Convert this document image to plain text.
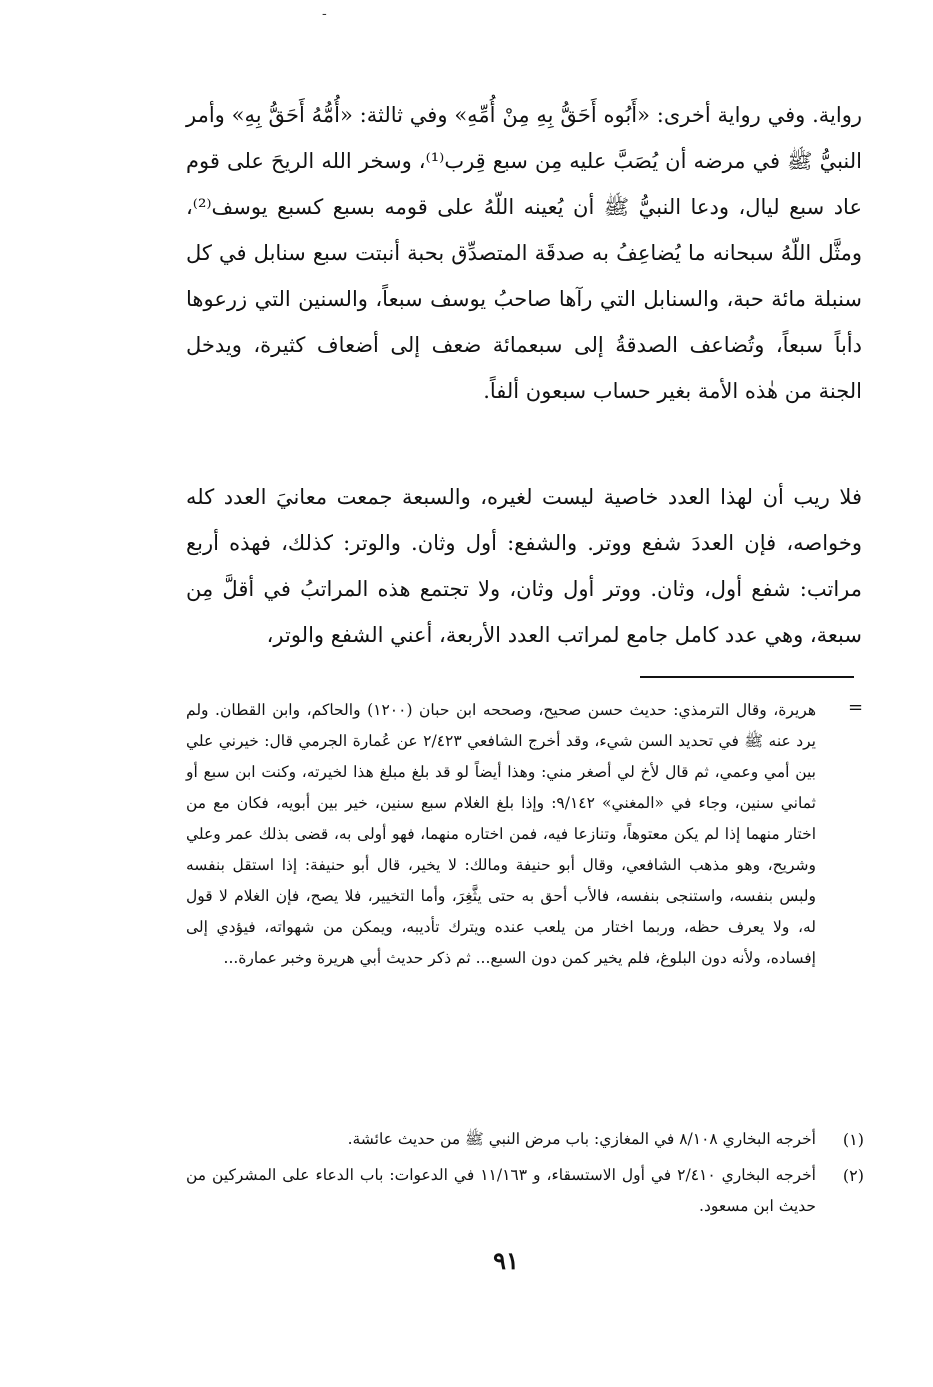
-

رواية. وفي رواية أخرى: «أَبُوه أَحَقُّ بِهِ مِنْ أُمِّهِ» وفي ثالثة: «أُمُّهُ أَحَقُّ بِهِ» وأمر النبيُّ ﷺ في مرضه أن يُصَبَّ عليه مِن سبع قِرب⁽¹⁾، وسخر الله الريحَ على قوم عاد سبع ليال، ودعا النبيُّ ﷺ أن يُعينه اللّهُ على قومه بسبع كسبع يوسف⁽²⁾، ومثَّل اللّهُ سبحانه ما يُضاعِفُ به صدقَة المتصدِّق بحبة أنبتت سبع سنابل في كل سنبلة مائة حبة، والسنابل التي رآها صاحبُ يوسف سبعاً، والسنين التي زرعوها دأباً سبعاً، وتُضاعف الصدقةُ إلى سبعمائة ضعف إلى أضعاف كثيرة، ويدخل الجنة من هٰذه الأمة بغير حساب سبعون ألفاً.

فلا ريب أن لهذا العدد خاصية ليست لغيره، والسبعة جمعت معانيَ العدد كله وخواصه، فإن العددَ شفع ووتر. والشفع: أول وثان. والوتر: كذلك، فهذه أربع مراتب: شفع أول، وثان. ووتر أول وثان، ولا تجتمع هذه المراتبُ في أقلَّ مِن سبعة، وهي عدد كامل جامع لمراتب العدد الأربعة، أعني الشفع والوتر،

=

هريرة، وقال الترمذي: حديث حسن صحيح، وصححه ابن حبان (١٢٠٠) والحاكم، وابن القطان. ولم يرد عنه ﷺ في تحديد السن شيء، وقد أخرج الشافعي ٢/٤٢٣ عن عُمارة الجرمي قال: خيرني علي بين أمي وعمي، ثم قال لأخ لي أصغر مني: وهذا أيضاً لو قد بلغ مبلغ هذا لخيرته، وكنت ابن سبع أو ثماني سنين، وجاء في «المغني» ٩/١٤٢: وإذا بلغ الغلام سبع سنين، خير بين أبويه، فكان مع من اختار منهما إذا لم يكن معتوهاً، وتنازعا فيه، فمن اختاره منهما، فهو أولى به، قضى بذلك عمر وعلي وشريح، وهو مذهب الشافعي، وقال أبو حنيفة ومالك: لا يخير، قال أبو حنيفة: إذا استقل بنفسه ولبس بنفسه، واستنجى بنفسه، فالأب أحق به حتى يثَّغِرَ، وأما التخيير، فلا يصح، فإن الغلام لا قول له، ولا يعرف حظه، وربما اختار من يلعب عنده ويترك تأديبه، ويمكن من شهواته، فيؤدي إلى إفساده، ولأنه دون البلوغ، فلم يخير كمن دون السبع... ثم ذكر حديث أبي هريرة وخبر عمارة...

(١)
أخرجه البخاري ٨/١٠٨ في المغازي: باب مرض النبي ﷺ من حديث عائشة.
(٢)
أخرجه البخاري ٢/٤١٠ في أول الاستسقاء، و ١١/١٦٣ في الدعوات: باب الدعاء على المشركين من حديث ابن مسعود.
٩١
